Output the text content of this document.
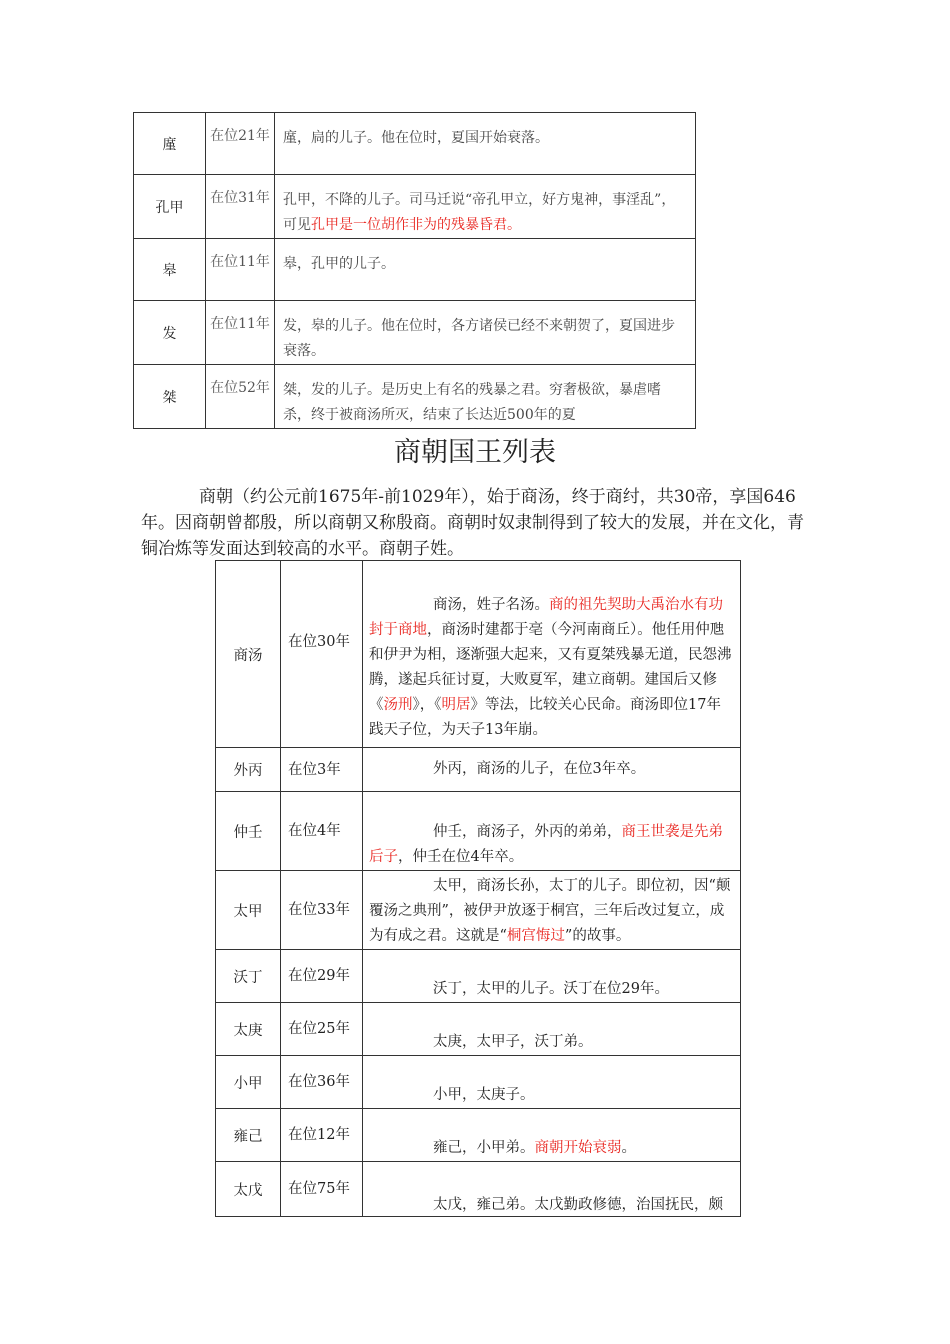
廑	在位21年	廑，扃的儿子。他在位时，夏国开始衰落。
孔甲	在位31年	孔甲，不降的儿子。司马迁说“帝孔甲立，好方鬼神，事淫乱”，可见孔甲是一位胡作非为的残暴昏君。
皋	在位11年	皋，孔甲的儿子。
发	在位11年	发，皋的儿子。他在位时，各方诸侯已经不来朝贺了，夏国进步衰落。
桀	在位52年	桀，发的儿子。是历史上有名的残暴之君。穷奢极欲，暴虐嗜杀，终于被商汤所灭，结束了长达近500年的夏
商朝国王列表

商朝（约公元前1675年-前1029年），始于商汤，终于商纣，共30帝，享国646年。因商朝曾都殷，所以商朝又称殷商。商朝时奴隶制得到了较大的发展，并在文化，青铜冶炼等发面达到较高的水平。商朝子姓。

商汤	在位30年	商汤，姓子名汤。商的祖先契助大禹治水有功封于商地，商汤时建都于亳（今河南商丘）。他任用仲虺和伊尹为相，逐渐强大起来，又有夏桀残暴无道，民怨沸腾，遂起兵征讨夏，大败夏军，建立商朝。建国后又修《汤刑》，《明居》等法，比较关心民命。商汤即位17年践天子位，为天子13年崩。
外丙	在位3年	外丙，商汤的儿子，在位3年卒。
仲壬	在位4年	仲壬，商汤子，外丙的弟弟，商王世袭是先弟后子，仲壬在位4年卒。
太甲	在位33年	太甲，商汤长孙，太丁的儿子。即位初，因“颠覆汤之典刑”，被伊尹放逐于桐宫，三年后改过复立，成为有成之君。这就是“桐宫悔过”的故事。
沃丁	在位29年	沃丁，太甲的儿子。沃丁在位29年。
太庚	在位25年	太庚，太甲子，沃丁弟。
小甲	在位36年	小甲，太庚子。
雍己	在位12年	雍己，小甲弟。商朝开始衰弱。
太戊	在位75年	太戊，雍己弟。太戊勤政修德，治国抚民，颇
